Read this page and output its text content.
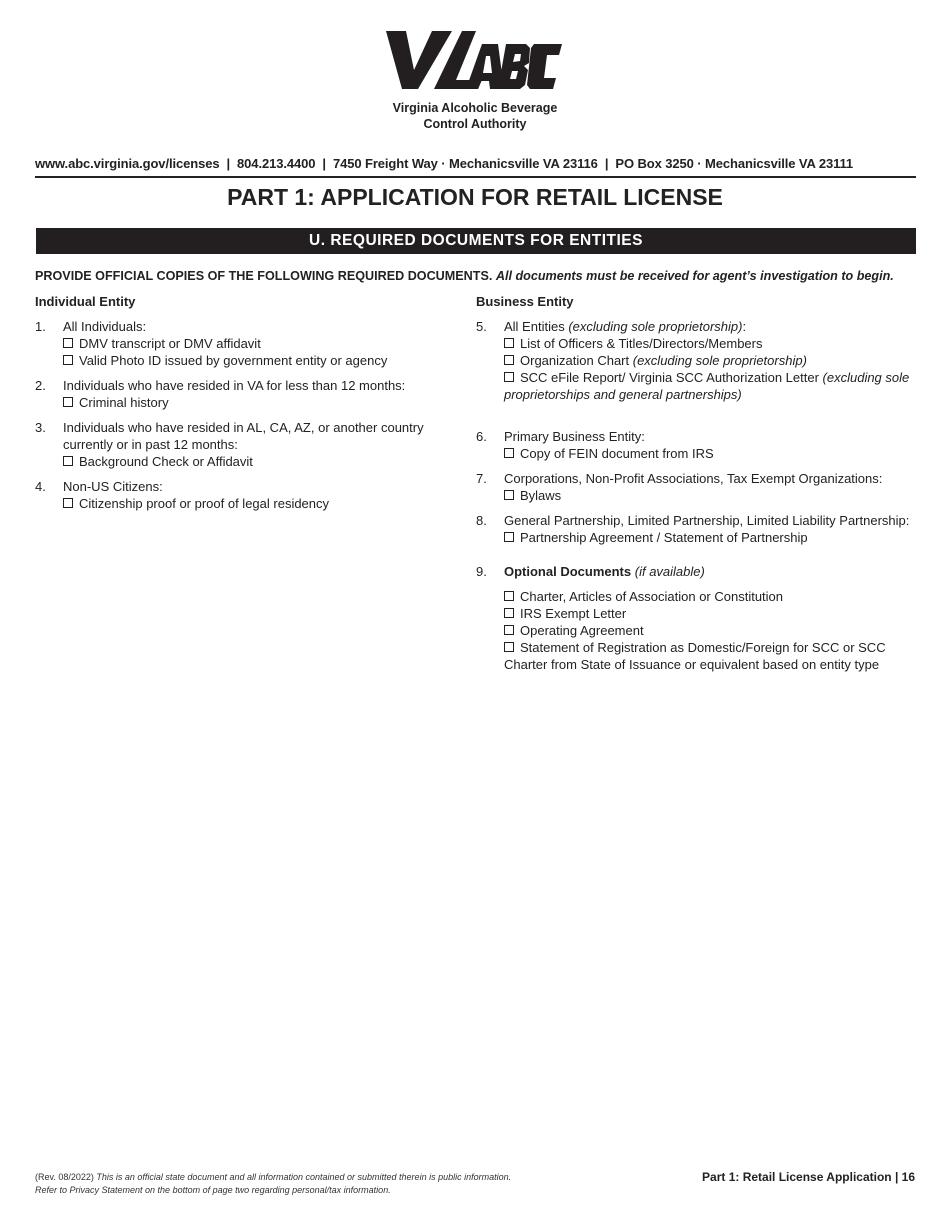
VA ABC
Virginia Alcoholic Beverage
Control Authority
www.abc.virginia.gov/licenses  |  804.213.4400  |  7450 Freight Way · Mechanicsville VA 23116  |  PO Box 3250 · Mechanicsville VA 23111
PART 1: APPLICATION FOR RETAIL LICENSE
U. REQUIRED DOCUMENTS FOR ENTITIES
PROVIDE OFFICIAL COPIES OF THE FOLLOWING REQUIRED DOCUMENTS. All documents must be received for agent’s investigation to begin.
Individual Entity
1. All Individuals:
DMV transcript or DMV affidavit
Valid Photo ID issued by government entity or agency
2. Individuals who have resided in VA for less than 12 months:
Criminal history
3. Individuals who have resided in AL, CA, AZ, or another country
currently or in past 12 months:
Background Check or Affidavit
4. Non-US Citizens:
Citizenship proof or proof of legal residency
Business Entity
5. All Entities (excluding sole proprietorship):
List of Officers & Titles/Directors/Members
Organization Chart (excluding sole proprietorship)
SCC eFile Report/ Virginia SCC Authorization Letter (excluding sole
proprietorships and general partnerships)
6. Primary Business Entity:
Copy of FEIN document from IRS
7. Corporations, Non-Profit Associations, Tax Exempt Organizations:
Bylaws
8. General Partnership, Limited Partnership, Limited Liability Partnership:
Partnership Agreement / Statement of Partnership
9. Optional Documents (if available)
Charter, Articles of Association or Constitution
IRS Exempt Letter
Operating Agreement
Statement of Registration as Domestic/Foreign for SCC or SCC
Charter from State of Issuance or equivalent based on entity type
(Rev. 08/2022) This is an official state document and all information contained or submitted therein is public information.
Refer to Privacy Statement on the bottom of page two regarding personal/tax information.
Part 1: Retail License Application | 16
